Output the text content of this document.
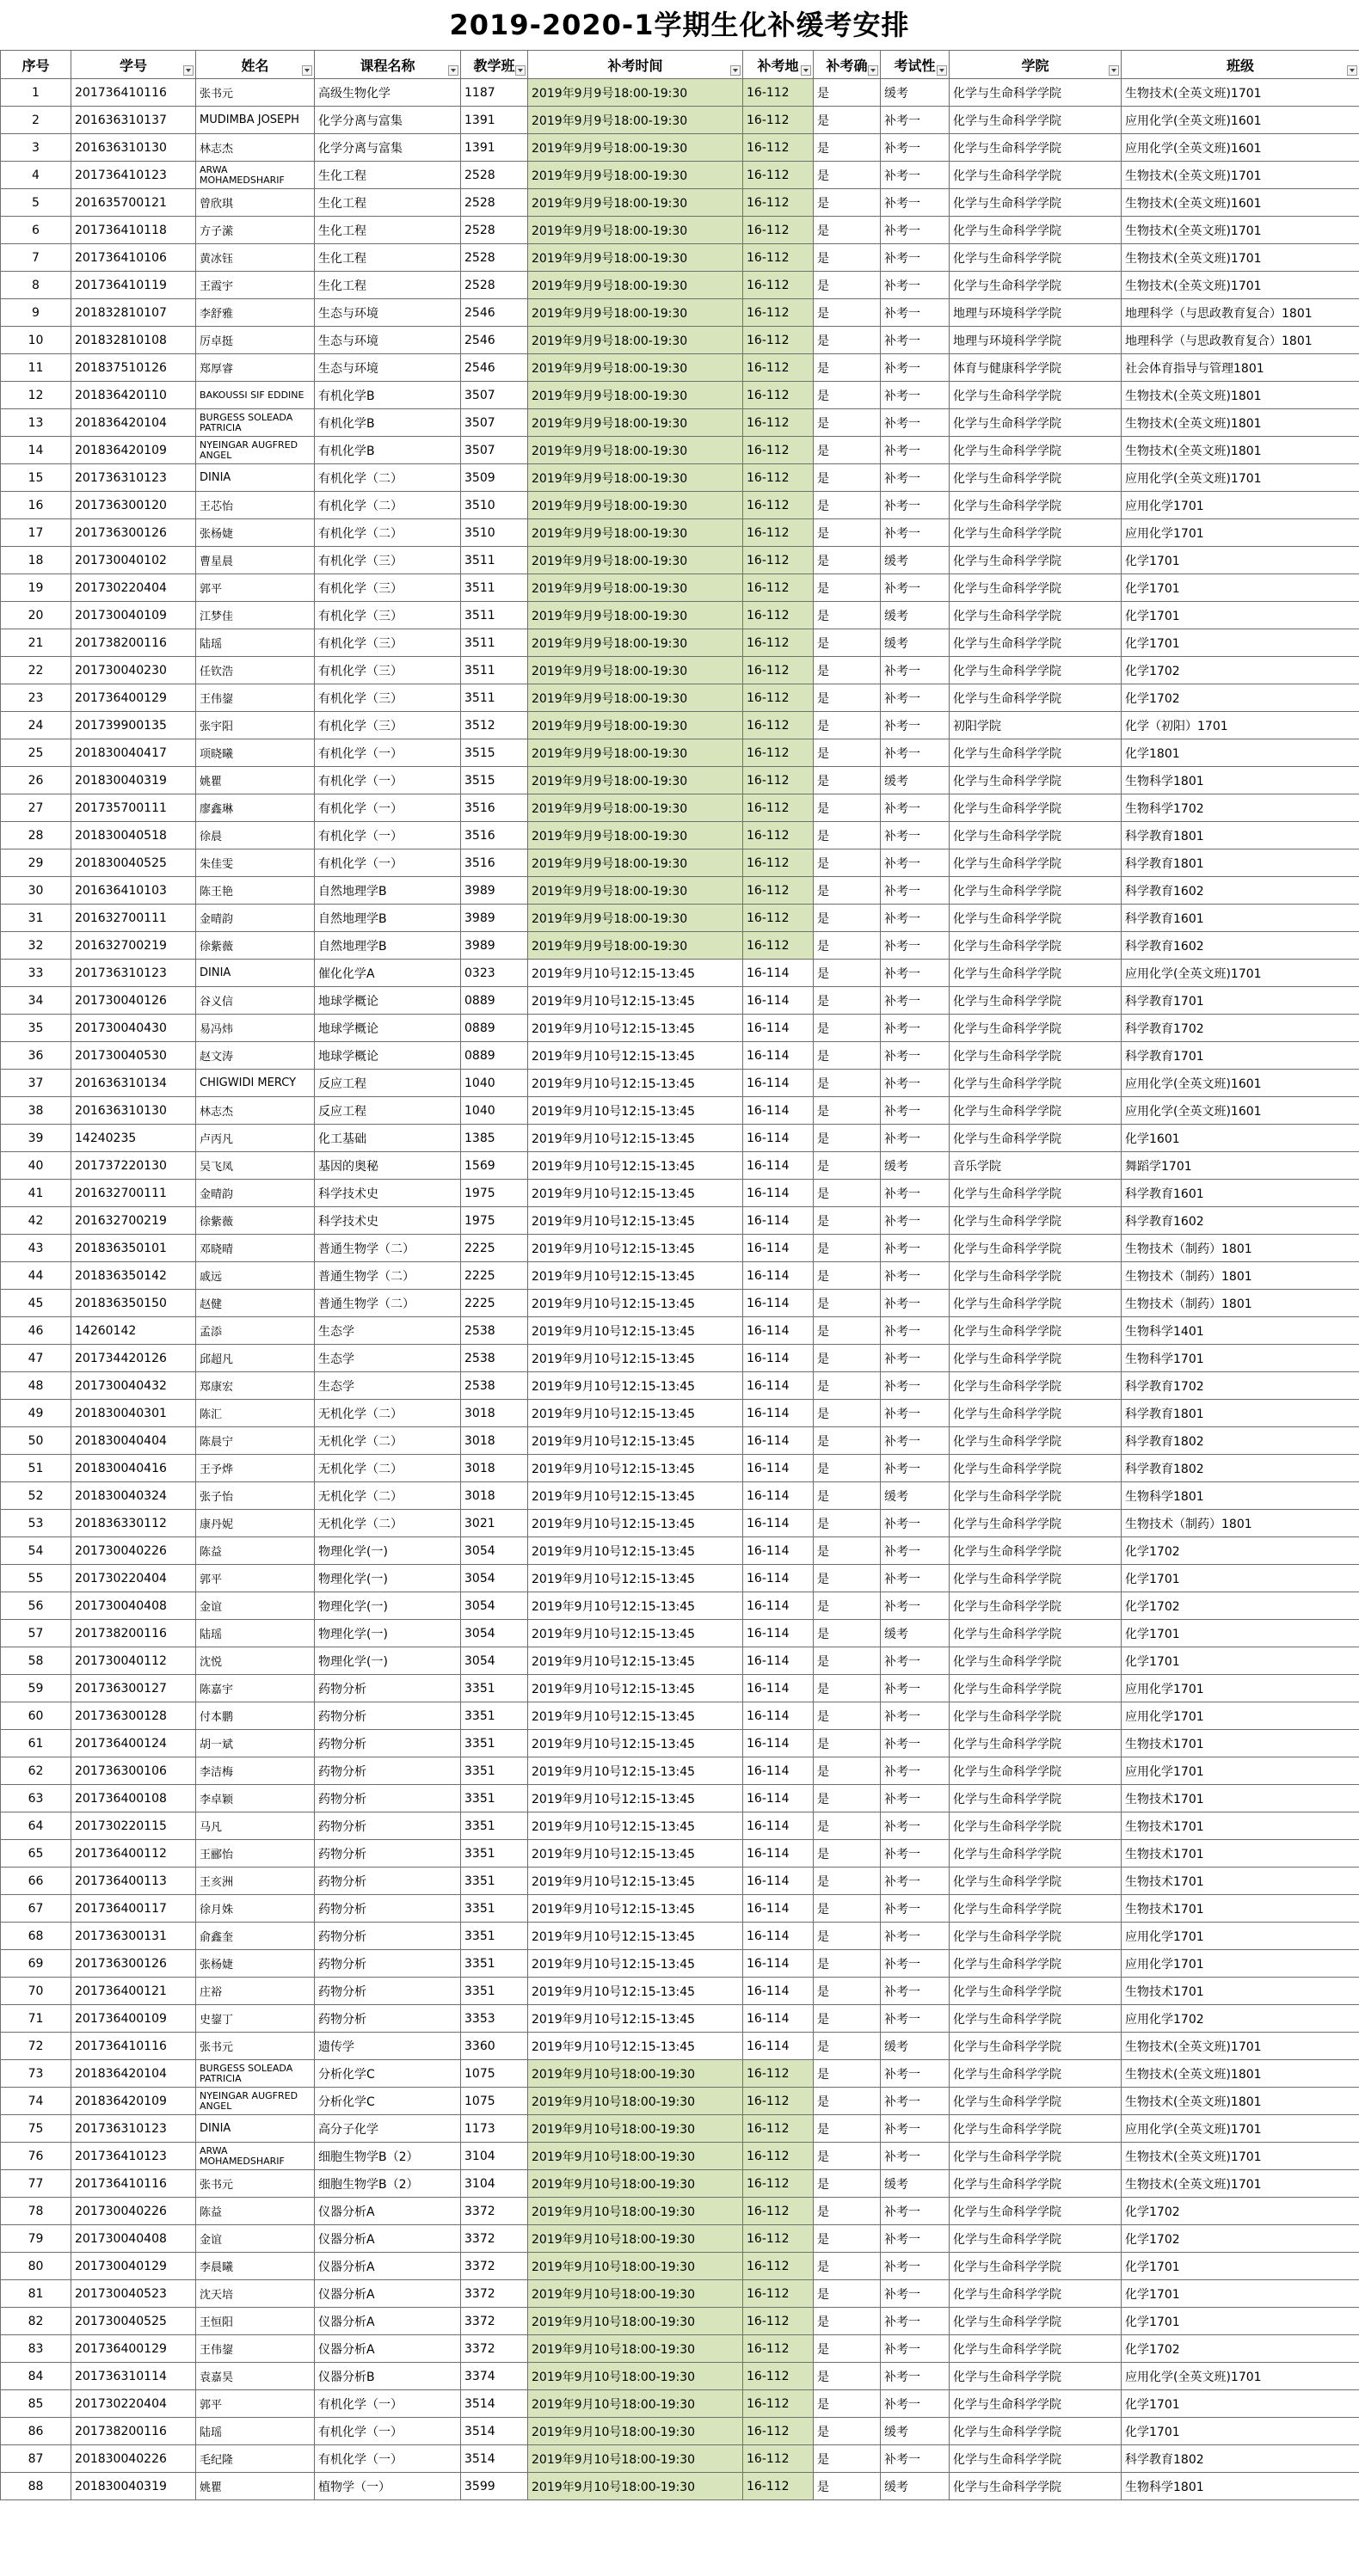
2019-2020-1学期生化补缓考安排
序号	学号	姓名	课程名称	教学班	补考时间	补考地	补考确	考试性	学院	班级

1	201736410116	张书元	高级生物化学	1187	2019年9月9号18:00-19:30	16-112	是	缓考	化学与生命科学学院	生物技术(全英文班)1701
2	201636310137	MUDIMBA JOSEPH	化学分离与富集	1391	2019年9月9号18:00-19:30	16-112	是	补考一	化学与生命科学学院	应用化学(全英文班)1601
3	201636310130	林志杰	化学分离与富集	1391	2019年9月9号18:00-19:30	16-112	是	补考一	化学与生命科学学院	应用化学(全英文班)1601
4	201736410123	ARWA MOHAMEDSHARIF	生化工程	2528	2019年9月9号18:00-19:30	16-112	是	补考一	化学与生命科学学院	生物技术(全英文班)1701
5	201635700121	曾欣琪	生化工程	2528	2019年9月9号18:00-19:30	16-112	是	补考一	化学与生命科学学院	生物技术(全英文班)1601
6	201736410118	方子潆	生化工程	2528	2019年9月9号18:00-19:30	16-112	是	补考一	化学与生命科学学院	生物技术(全英文班)1701
7	201736410106	黄冰钰	生化工程	2528	2019年9月9号18:00-19:30	16-112	是	补考一	化学与生命科学学院	生物技术(全英文班)1701
8	201736410119	王霞宇	生化工程	2528	2019年9月9号18:00-19:30	16-112	是	补考一	化学与生命科学学院	生物技术(全英文班)1701
9	201832810107	李舒雅	生态与环境	2546	2019年9月9号18:00-19:30	16-112	是	补考一	地理与环境科学学院	地理科学（与思政教育复合）1801
10	201832810108	厉卓挺	生态与环境	2546	2019年9月9号18:00-19:30	16-112	是	补考一	地理与环境科学学院	地理科学（与思政教育复合）1801
11	201837510126	郑厚睿	生态与环境	2546	2019年9月9号18:00-19:30	16-112	是	补考一	体育与健康科学学院	社会体育指导与管理1801
12	201836420110	BAKOUSSI SIF EDDINE	有机化学B	3507	2019年9月9号18:00-19:30	16-112	是	补考一	化学与生命科学学院	生物技术(全英文班)1801
13	201836420104	BURGESS SOLEADA PATRICIA	有机化学B	3507	2019年9月9号18:00-19:30	16-112	是	补考一	化学与生命科学学院	生物技术(全英文班)1801
14	201836420109	NYEINGAR AUGFRED ANGEL	有机化学B	3507	2019年9月9号18:00-19:30	16-112	是	补考一	化学与生命科学学院	生物技术(全英文班)1801
15	201736310123	DINIA	有机化学（二）	3509	2019年9月9号18:00-19:30	16-112	是	补考一	化学与生命科学学院	应用化学(全英文班)1701
16	201736300120	王芯怡	有机化学（二）	3510	2019年9月9号18:00-19:30	16-112	是	补考一	化学与生命科学学院	应用化学1701
17	201736300126	张杨婕	有机化学（二）	3510	2019年9月9号18:00-19:30	16-112	是	补考一	化学与生命科学学院	应用化学1701
18	201730040102	曹星晨	有机化学（三）	3511	2019年9月9号18:00-19:30	16-112	是	缓考	化学与生命科学学院	化学1701
19	201730220404	郭平	有机化学（三）	3511	2019年9月9号18:00-19:30	16-112	是	补考一	化学与生命科学学院	化学1701
20	201730040109	江梦佳	有机化学（三）	3511	2019年9月9号18:00-19:30	16-112	是	缓考	化学与生命科学学院	化学1701
21	201738200116	陆瑶	有机化学（三）	3511	2019年9月9号18:00-19:30	16-112	是	缓考	化学与生命科学学院	化学1701
22	201730040230	任钦浩	有机化学（三）	3511	2019年9月9号18:00-19:30	16-112	是	补考一	化学与生命科学学院	化学1702
23	201736400129	王伟鋆	有机化学（三）	3511	2019年9月9号18:00-19:30	16-112	是	补考一	化学与生命科学学院	化学1702
24	201739900135	张宇阳	有机化学（三）	3512	2019年9月9号18:00-19:30	16-112	是	补考一	初阳学院	化学（初阳）1701
25	201830040417	项晓曦	有机化学（一）	3515	2019年9月9号18:00-19:30	16-112	是	补考一	化学与生命科学学院	化学1801
26	201830040319	姚瞿	有机化学（一）	3515	2019年9月9号18:00-19:30	16-112	是	缓考	化学与生命科学学院	生物科学1801
27	201735700111	廖鑫琳	有机化学（一）	3516	2019年9月9号18:00-19:30	16-112	是	补考一	化学与生命科学学院	生物科学1702
28	201830040518	徐晨	有机化学（一）	3516	2019年9月9号18:00-19:30	16-112	是	补考一	化学与生命科学学院	科学教育1801
29	201830040525	朱佳雯	有机化学（一）	3516	2019年9月9号18:00-19:30	16-112	是	补考一	化学与生命科学学院	科学教育1801
30	201636410103	陈王艳	自然地理学B	3989	2019年9月9号18:00-19:30	16-112	是	补考一	化学与生命科学学院	科学教育1602
31	201632700111	金晴韵	自然地理学B	3989	2019年9月9号18:00-19:30	16-112	是	补考一	化学与生命科学学院	科学教育1601
32	201632700219	徐紫薇	自然地理学B	3989	2019年9月9号18:00-19:30	16-112	是	补考一	化学与生命科学学院	科学教育1602
33	201736310123	DINIA	催化化学A	0323	2019年9月10号12:15-13:45	16-114	是	补考一	化学与生命科学学院	应用化学(全英文班)1701
34	201730040126	谷义信	地球学概论	0889	2019年9月10号12:15-13:45	16-114	是	补考一	化学与生命科学学院	科学教育1701
35	201730040430	易冯炜	地球学概论	0889	2019年9月10号12:15-13:45	16-114	是	补考一	化学与生命科学学院	科学教育1702
36	201730040530	赵文涛	地球学概论	0889	2019年9月10号12:15-13:45	16-114	是	补考一	化学与生命科学学院	科学教育1701
37	201636310134	CHIGWIDI MERCY	反应工程	1040	2019年9月10号12:15-13:45	16-114	是	补考一	化学与生命科学学院	应用化学(全英文班)1601
38	201636310130	林志杰	反应工程	1040	2019年9月10号12:15-13:45	16-114	是	补考一	化学与生命科学学院	应用化学(全英文班)1601
39	14240235	卢丙凡	化工基础	1385	2019年9月10号12:15-13:45	16-114	是	补考一	化学与生命科学学院	化学1601
40	201737220130	吴飞凤	基因的奥秘	1569	2019年9月10号12:15-13:45	16-114	是	缓考	音乐学院	舞蹈学1701
41	201632700111	金晴韵	科学技术史	1975	2019年9月10号12:15-13:45	16-114	是	补考一	化学与生命科学学院	科学教育1601
42	201632700219	徐紫薇	科学技术史	1975	2019年9月10号12:15-13:45	16-114	是	补考一	化学与生命科学学院	科学教育1602
43	201836350101	邓晓晴	普通生物学（二）	2225	2019年9月10号12:15-13:45	16-114	是	补考一	化学与生命科学学院	生物技术（制药）1801
44	201836350142	戚远	普通生物学（二）	2225	2019年9月10号12:15-13:45	16-114	是	补考一	化学与生命科学学院	生物技术（制药）1801
45	201836350150	赵健	普通生物学（二）	2225	2019年9月10号12:15-13:45	16-114	是	补考一	化学与生命科学学院	生物技术（制药）1801
46	14260142	孟添	生态学	2538	2019年9月10号12:15-13:45	16-114	是	补考一	化学与生命科学学院	生物科学1401
47	201734420126	邱超凡	生态学	2538	2019年9月10号12:15-13:45	16-114	是	补考一	化学与生命科学学院	生物科学1701
48	201730040432	郑康宏	生态学	2538	2019年9月10号12:15-13:45	16-114	是	补考一	化学与生命科学学院	科学教育1702
49	201830040301	陈汇	无机化学（二）	3018	2019年9月10号12:15-13:45	16-114	是	补考一	化学与生命科学学院	科学教育1801
50	201830040404	陈晨宁	无机化学（二）	3018	2019年9月10号12:15-13:45	16-114	是	补考一	化学与生命科学学院	科学教育1802
51	201830040416	王予烨	无机化学（二）	3018	2019年9月10号12:15-13:45	16-114	是	补考一	化学与生命科学学院	科学教育1802
52	201830040324	张子怡	无机化学（二）	3018	2019年9月10号12:15-13:45	16-114	是	缓考	化学与生命科学学院	生物科学1801
53	201836330112	康丹妮	无机化学（二）	3021	2019年9月10号12:15-13:45	16-114	是	补考一	化学与生命科学学院	生物技术（制药）1801
54	201730040226	陈益	物理化学(一)	3054	2019年9月10号12:15-13:45	16-114	是	补考一	化学与生命科学学院	化学1702
55	201730220404	郭平	物理化学(一)	3054	2019年9月10号12:15-13:45	16-114	是	补考一	化学与生命科学学院	化学1701
56	201730040408	金谊	物理化学(一)	3054	2019年9月10号12:15-13:45	16-114	是	补考一	化学与生命科学学院	化学1702
57	201738200116	陆瑶	物理化学(一)	3054	2019年9月10号12:15-13:45	16-114	是	缓考	化学与生命科学学院	化学1701
58	201730040112	沈悦	物理化学(一)	3054	2019年9月10号12:15-13:45	16-114	是	补考一	化学与生命科学学院	化学1701
59	201736300127	陈嘉宇	药物分析	3351	2019年9月10号12:15-13:45	16-114	是	补考一	化学与生命科学学院	应用化学1701
60	201736300128	付本鹏	药物分析	3351	2019年9月10号12:15-13:45	16-114	是	补考一	化学与生命科学学院	应用化学1701
61	201736400124	胡一斌	药物分析	3351	2019年9月10号12:15-13:45	16-114	是	补考一	化学与生命科学学院	生物技术1701
62	201736300106	李洁梅	药物分析	3351	2019年9月10号12:15-13:45	16-114	是	补考一	化学与生命科学学院	应用化学1701
63	201736400108	李卓颖	药物分析	3351	2019年9月10号12:15-13:45	16-114	是	补考一	化学与生命科学学院	生物技术1701
64	201730220115	马凡	药物分析	3351	2019年9月10号12:15-13:45	16-114	是	补考一	化学与生命科学学院	生物技术1701
65	201736400112	王郦怡	药物分析	3351	2019年9月10号12:15-13:45	16-114	是	补考一	化学与生命科学学院	生物技术1701
66	201736400113	王亥洲	药物分析	3351	2019年9月10号12:15-13:45	16-114	是	补考一	化学与生命科学学院	生物技术1701
67	201736400117	徐月姝	药物分析	3351	2019年9月10号12:15-13:45	16-114	是	补考一	化学与生命科学学院	生物技术1701
68	201736300131	俞鑫奎	药物分析	3351	2019年9月10号12:15-13:45	16-114	是	补考一	化学与生命科学学院	应用化学1701
69	201736300126	张杨婕	药物分析	3351	2019年9月10号12:15-13:45	16-114	是	补考一	化学与生命科学学院	应用化学1701
70	201736400121	庄裕	药物分析	3351	2019年9月10号12:15-13:45	16-114	是	补考一	化学与生命科学学院	生物技术1701
71	201736400109	史鋆丁	药物分析	3353	2019年9月10号12:15-13:45	16-114	是	补考一	化学与生命科学学院	应用化学1702
72	201736410116	张书元	遗传学	3360	2019年9月10号12:15-13:45	16-114	是	缓考	化学与生命科学学院	生物技术(全英文班)1701
73	201836420104	BURGESS SOLEADA PATRICIA	分析化学C	1075	2019年9月10号18:00-19:30	16-112	是	补考一	化学与生命科学学院	生物技术(全英文班)1801
74	201836420109	NYEINGAR AUGFRED ANGEL	分析化学C	1075	2019年9月10号18:00-19:30	16-112	是	补考一	化学与生命科学学院	生物技术(全英文班)1801
75	201736310123	DINIA	高分子化学	1173	2019年9月10号18:00-19:30	16-112	是	补考一	化学与生命科学学院	应用化学(全英文班)1701
76	201736410123	ARWA MOHAMEDSHARIF	细胞生物学B（2）	3104	2019年9月10号18:00-19:30	16-112	是	补考一	化学与生命科学学院	生物技术(全英文班)1701
77	201736410116	张书元	细胞生物学B（2）	3104	2019年9月10号18:00-19:30	16-112	是	缓考	化学与生命科学学院	生物技术(全英文班)1701
78	201730040226	陈益	仪器分析A	3372	2019年9月10号18:00-19:30	16-112	是	补考一	化学与生命科学学院	化学1702
79	201730040408	金谊	仪器分析A	3372	2019年9月10号18:00-19:30	16-112	是	补考一	化学与生命科学学院	化学1702
80	201730040129	李晨曦	仪器分析A	3372	2019年9月10号18:00-19:30	16-112	是	补考一	化学与生命科学学院	化学1701
81	201730040523	沈天培	仪器分析A	3372	2019年9月10号18:00-19:30	16-112	是	补考一	化学与生命科学学院	化学1701
82	201730040525	王恒阳	仪器分析A	3372	2019年9月10号18:00-19:30	16-112	是	补考一	化学与生命科学学院	化学1701
83	201736400129	王伟鋆	仪器分析A	3372	2019年9月10号18:00-19:30	16-112	是	补考一	化学与生命科学学院	化学1702
84	201736310114	袁嘉昊	仪器分析B	3374	2019年9月10号18:00-19:30	16-112	是	补考一	化学与生命科学学院	应用化学(全英文班)1701
85	201730220404	郭平	有机化学（一）	3514	2019年9月10号18:00-19:30	16-112	是	补考一	化学与生命科学学院	化学1701
86	201738200116	陆瑶	有机化学（一）	3514	2019年9月10号18:00-19:30	16-112	是	缓考	化学与生命科学学院	化学1701
87	201830040226	毛纪隆	有机化学（一）	3514	2019年9月10号18:00-19:30	16-112	是	补考一	化学与生命科学学院	科学教育1802
88	201830040319	姚瞿	植物学（一）	3599	2019年9月10号18:00-19:30	16-112	是	缓考	化学与生命科学学院	生物科学1801
